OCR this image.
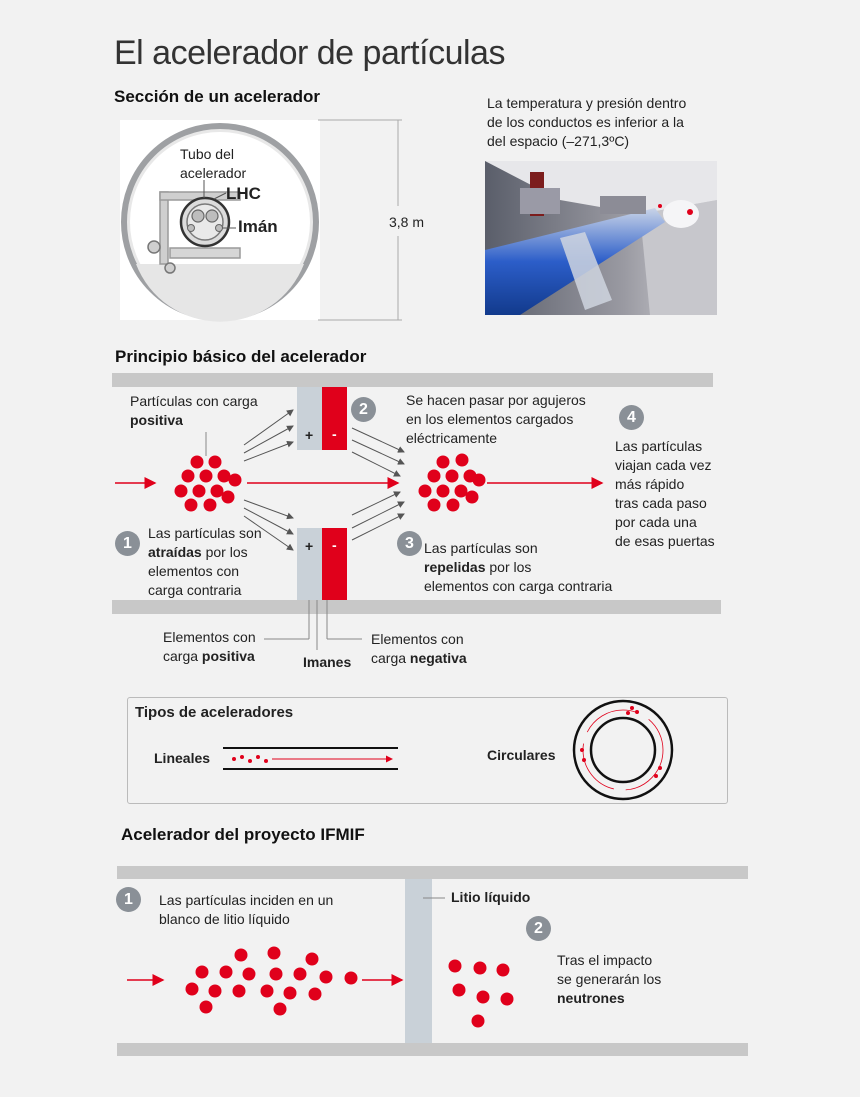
El acelerador de partículas
Sección de un acelerador
Tubo del
acelerador
LHC
Imán	3,8 m
La temperatura y presión dentro
de los conductos es inferior a la
del espacio (–271,3ºC)
Principio básico del acelerador
+ -
+ -
Partículas con carga
positiva
2
Se hacen pasar por agujeros
en los elementos cargados
eléctricamente
4
Las partículas
viajan cada vez
más rápido
tras cada paso
por cada una
de esas puertas
1
Las partículas son
atraídas por los
elementos con
carga contraria
3 Las partículas son
repelidas por los
elementos con carga contraria
Elementos con
carga positiva	Imanes
Elementos con
carga negativa
Tipos de aceleradores
Lineales	Circulares
Acelerador del proyecto IFMIF
1	Las partículas inciden en un
blanco de litio líquido
Litio líquido
2
Tras el impacto
se generarán los
neutrones
